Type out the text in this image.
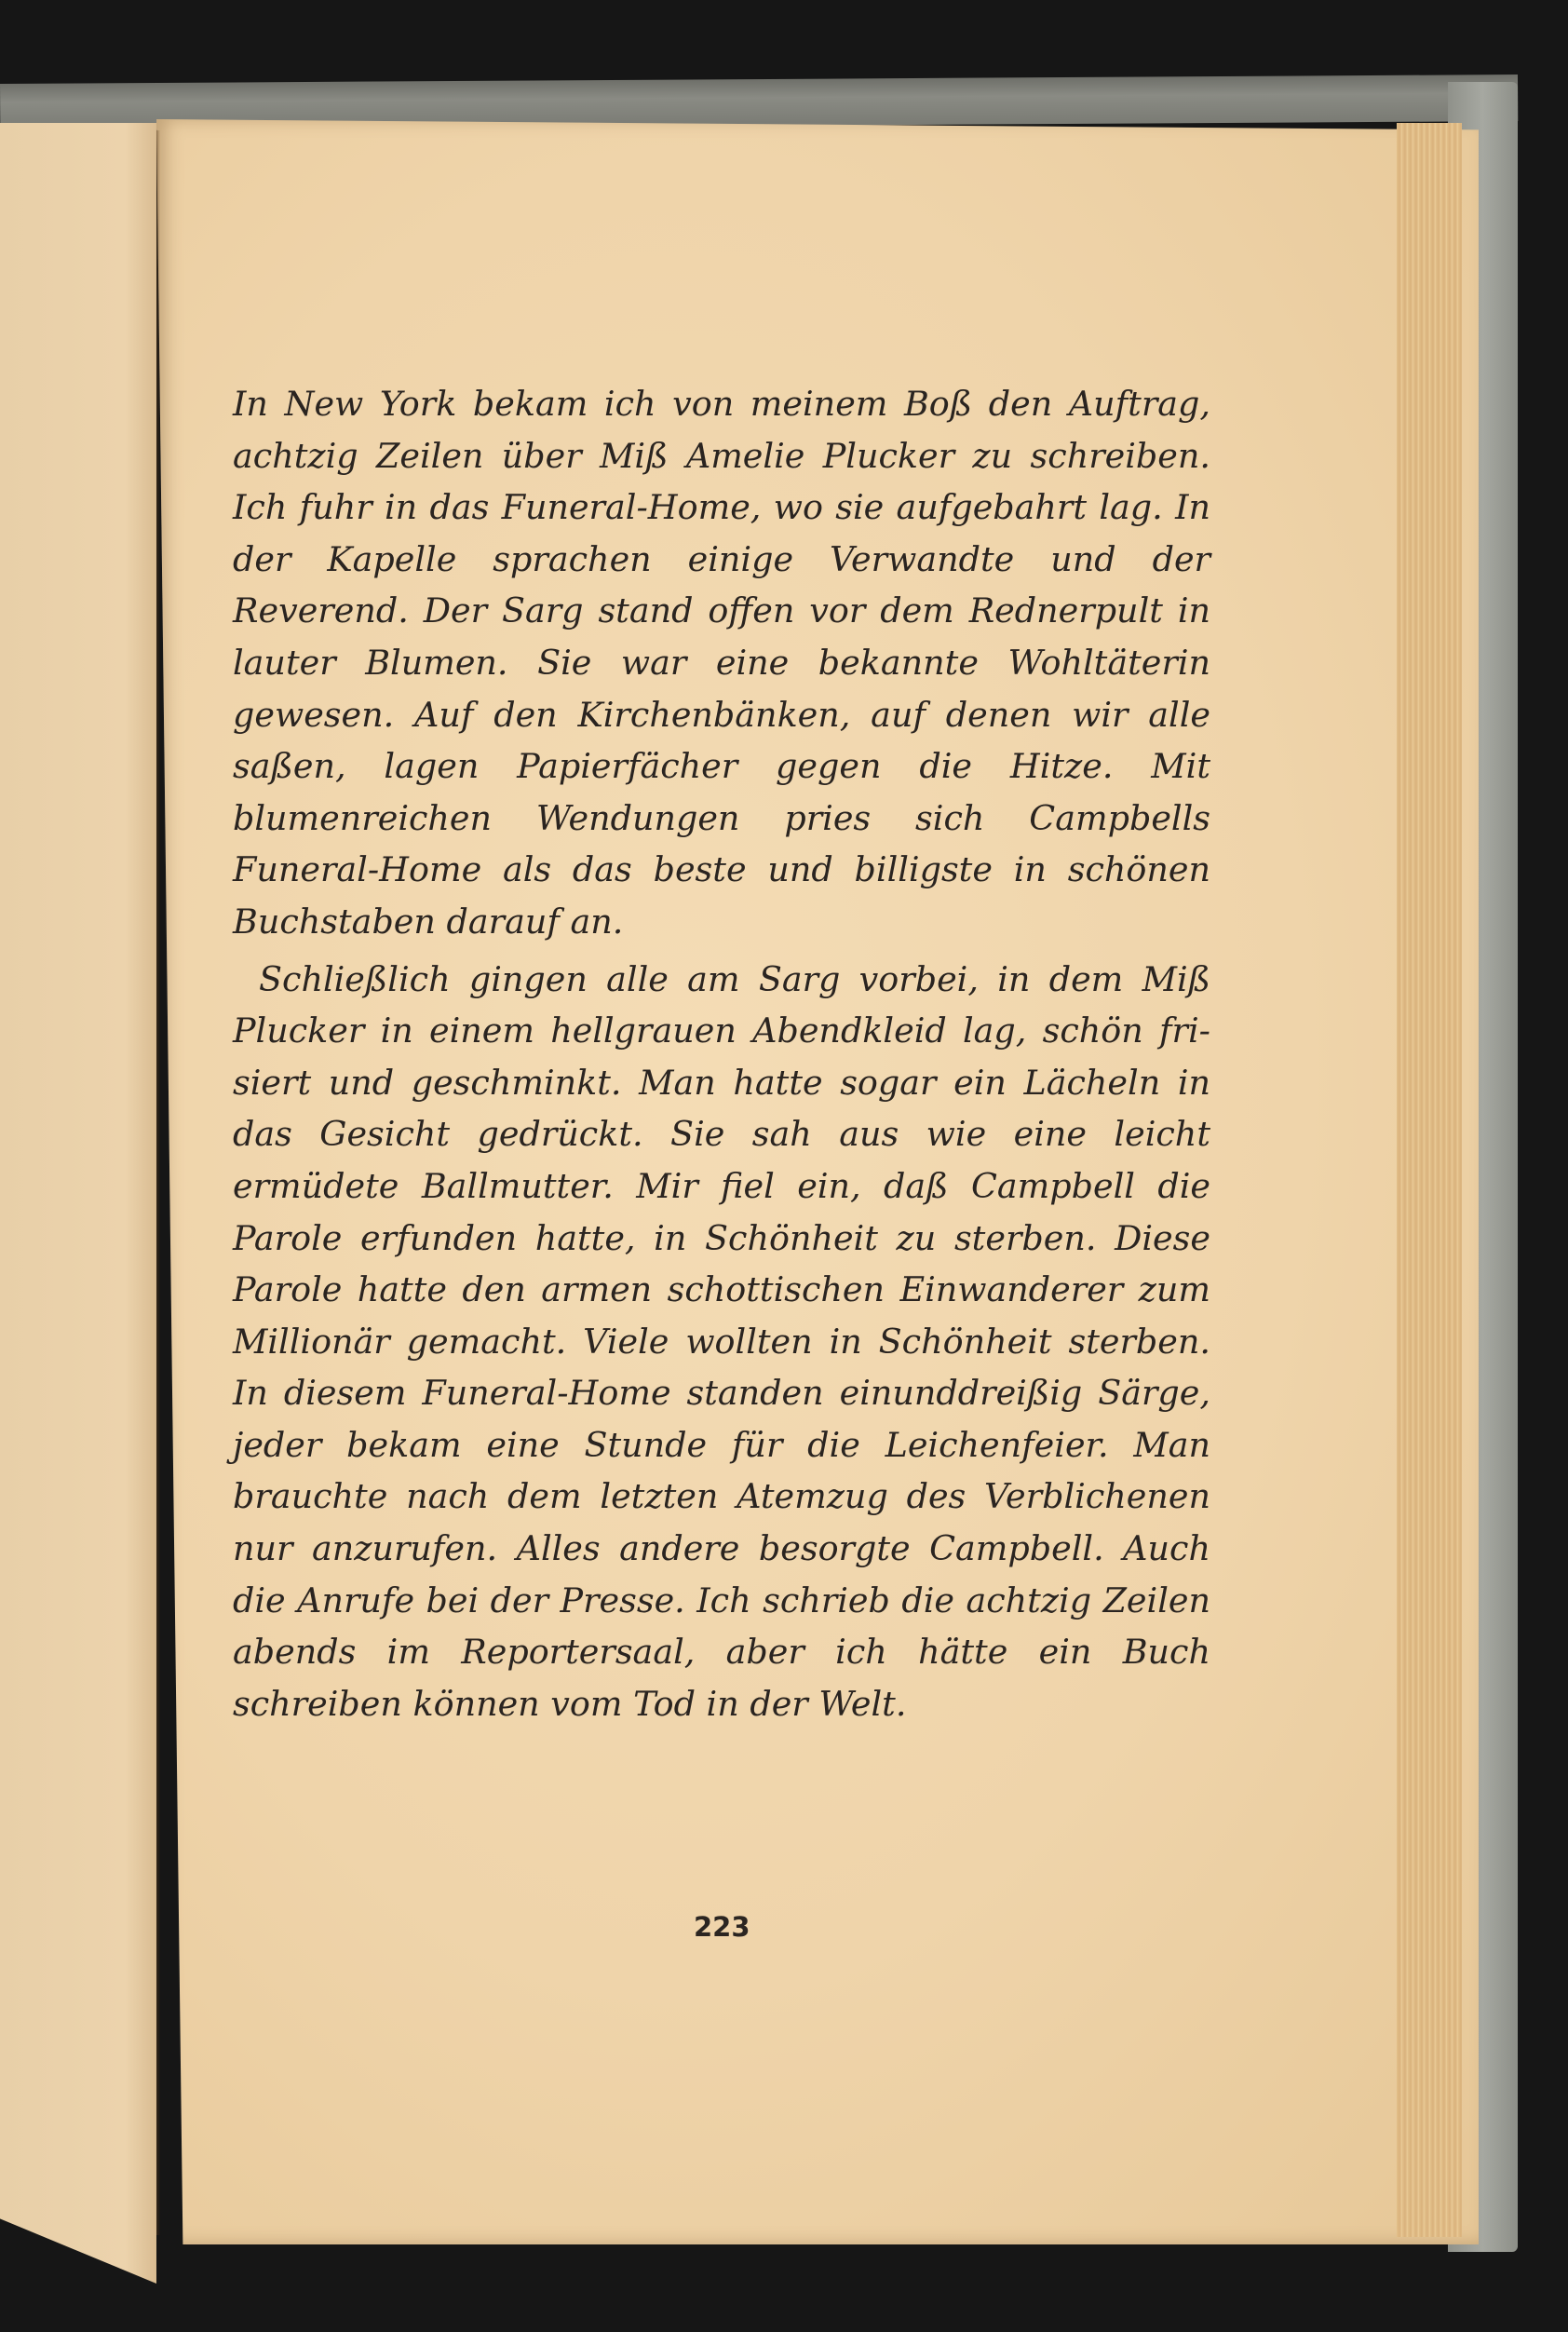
In New York bekam ich von meinem Boß den Auftrag, achtzig Zeilen über Miß Amelie Plucker zu schreiben. Ich fuhr in das Funeral-Home, wo sie aufgebahrt lag. In der Kapelle sprachen einige Verwandte und der Reverend. Der Sarg stand offen vor dem Rednerpult in lauter Blumen. Sie war eine bekannte Wohltäterin gewesen. Auf den Kirchenbänken, auf denen wir alle saßen, lagen Papierfächer gegen die Hitze. Mit blumenreichen Wendungen pries sich Campbells Funeral-Home als das beste und billigste in schönen Buchstaben darauf an.

Schließlich gingen alle am Sarg vorbei, in dem Miß Plucker in einem hellgrauen Abendkleid lag, schön frisiert und geschminkt. Man hatte sogar ein Lächeln in das Gesicht gedrückt. Sie sah aus wie eine leicht ermüdete Ballmutter. Mir fiel ein, daß Campbell die Parole erfunden hatte, in Schönheit zu sterben. Diese Parole hatte den armen schottischen Einwanderer zum Millionär gemacht. Viele wollten in Schönheit sterben. In diesem Funeral-Home standen einunddreißig Särge, jeder bekam eine Stunde für die Leichenfeier. Man brauchte nach dem letzten Atemzug des Verblichenen nur anzurufen. Alles andere besorgte Campbell. Auch die Anrufe bei der Presse. Ich schrieb die achtzig Zeilen abends im Reportersaal, aber ich hätte ein Buch schreiben können vom Tod in der Welt.

223
